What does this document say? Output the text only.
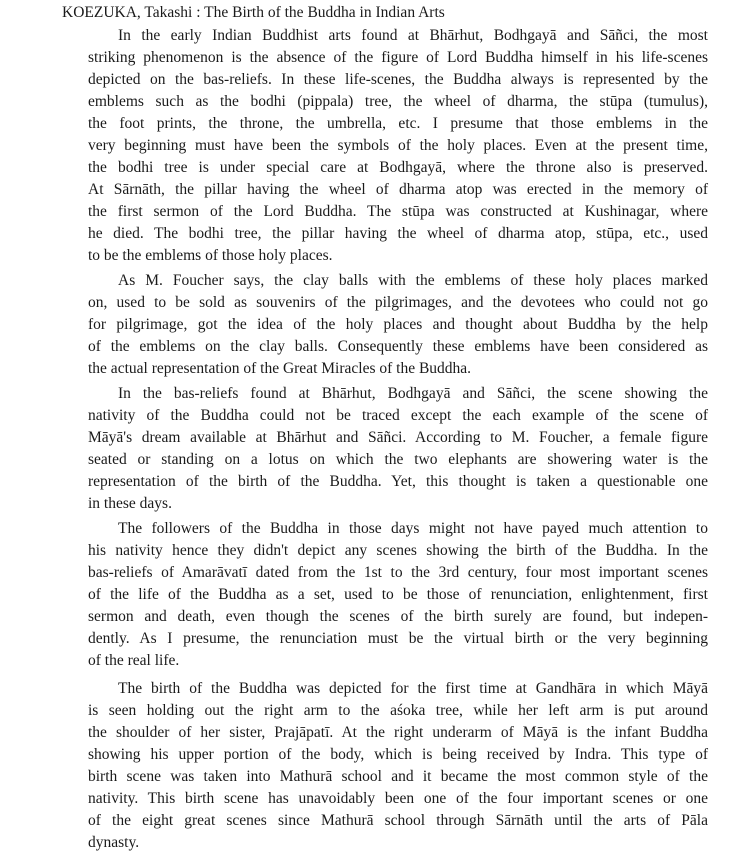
KOEZUKA, Takashi : The Birth of the Buddha in Indian Arts
In the early Indian Buddhist arts found at Bhārhut, Bodhgayā and Sāñci, the most
striking phenomenon is the absence of the figure of Lord Buddha himself in his life-scenes
depicted on the bas-reliefs. In these life-scenes, the Buddha always is represented by the
emblems such as the bodhi (pippala) tree, the wheel of dharma, the stūpa (tumulus),
the foot prints, the throne, the umbrella, etc. I presume that those emblems in the
very beginning must have been the symbols of the holy places. Even at the present time,
the bodhi tree is under special care at Bodhgayā, where the throne also is preserved.
At Sārnāth, the pillar having the wheel of dharma atop was erected in the memory of
the first sermon of the Lord Buddha. The stūpa was constructed at Kushinagar, where
he died. The bodhi tree, the pillar having the wheel of dharma atop, stūpa, etc., used
to be the emblems of those holy places.
As M. Foucher says, the clay balls with the emblems of these holy places marked
on, used to be sold as souvenirs of the pilgrimages, and the devotees who could not go
for pilgrimage, got the idea of the holy places and thought about Buddha by the help
of the emblems on the clay balls. Consequently these emblems have been considered as
the actual representation of the Great Miracles of the Buddha.
In the bas-reliefs found at Bhārhut, Bodhgayā and Sāñci, the scene showing the
nativity of the Buddha could not be traced except the each example of the scene of
Māyā's dream available at Bhārhut and Sāñci. According to M. Foucher, a female figure
seated or standing on a lotus on which the two elephants are showering water is the
representation of the birth of the Buddha. Yet, this thought is taken a questionable one
in these days.
The followers of the Buddha in those days might not have payed much attention to
his nativity hence they didn't depict any scenes showing the birth of the Buddha. In the
bas-reliefs of Amarāvatī dated from the 1st to the 3rd century, four most important scenes
of the life of the Buddha as a set, used to be those of renunciation, enlightenment, first
sermon and death, even though the scenes of the birth surely are found, but indepen-
dently. As I presume, the renunciation must be the virtual birth or the very beginning
of the real life.
The birth of the Buddha was depicted for the first time at Gandhāra in which Māyā
is seen holding out the right arm to the aśoka tree, while her left arm is put around
the shoulder of her sister, Prajāpatī. At the right underarm of Māyā is the infant Buddha
showing his upper portion of the body, which is being received by Indra. This type of
birth scene was taken into Mathurā school and it became the most common style of the
nativity. This birth scene has unavoidably been one of the four important scenes or one
of the eight great scenes since Mathurā school through Sārnāth until the arts of Pāla
dynasty.
